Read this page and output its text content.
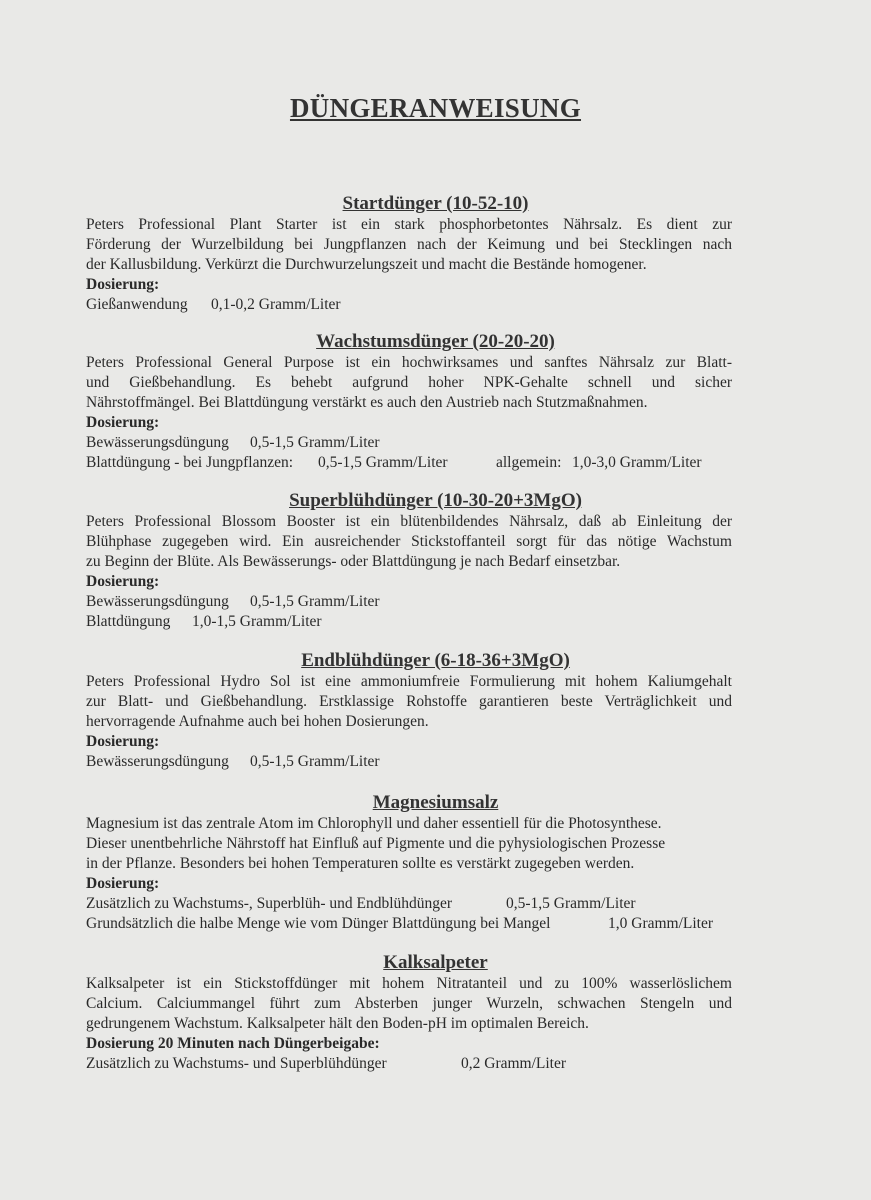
DÜNGERANWEISUNG
Startdünger (10-52-10)
Peters Professional Plant Starter ist ein stark phosphorbetontes Nährsalz. Es dient zur
Förderung der Wurzelbildung bei Jungpflanzen nach der Keimung und bei Stecklingen nach
der Kallusbildung. Verkürzt die Durchwurzelungszeit und macht die Bestände homogener.
Dosierung:
Gießanwendung 0,1-0,2 Gramm/Liter
Wachstumsdünger (20-20-20)
Peters Professional General Purpose ist ein hochwirksames und sanftes Nährsalz zur Blatt-
und Gießbehandlung. Es behebt aufgrund hoher NPK-Gehalte schnell und sicher
Nährstoffmängel. Bei Blattdüngung verstärkt es auch den Austrieb nach Stutzmaßnahmen.
Dosierung:
Bewässerungsdüngung 0,5-1,5 Gramm/Liter
Blattdüngung - bei Jungpflanzen: 0,5-1,5 Gramm/Liter	allgemein: 1,0-3,0 Gramm/Liter
Superblühdünger (10-30-20+3MgO)
Peters Professional Blossom Booster ist ein blütenbildendes Nährsalz, daß ab Einleitung der
Blühphase zugegeben wird. Ein ausreichender Stickstoffanteil sorgt für das nötige Wachstum
zu Beginn der Blüte. Als Bewässerungs- oder Blattdüngung je nach Bedarf einsetzbar.
Dosierung:
Bewässerungsdüngung 0,5-1,5 Gramm/Liter
Blattdüngung 1,0-1,5 Gramm/Liter
Endblühdünger (6-18-36+3MgO)
Peters Professional Hydro Sol ist eine ammoniumfreie Formulierung mit hohem Kaliumgehalt
zur Blatt- und Gießbehandlung. Erstklassige Rohstoffe garantieren beste Verträglichkeit und
hervorragende Aufnahme auch bei hohen Dosierungen.
Dosierung:
Bewässerungsdüngung 0,5-1,5 Gramm/Liter
Magnesiumsalz
Magnesium ist das zentrale Atom im Chlorophyll und daher essentiell für die Photosynthese.
Dieser unentbehrliche Nährstoff hat Einfluß auf Pigmente und die pyhysiologischen Prozesse
in der Pflanze. Besonders bei hohen Temperaturen sollte es verstärkt zugegeben werden.
Dosierung:
Zusätzlich zu Wachstums-, Superblüh- und Endblühdünger	0,5-1,5 Gramm/Liter
Grundsätzlich die halbe Menge wie vom Dünger Blattdüngung bei Mangel	1,0 Gramm/Liter
Kalksalpeter
Kalksalpeter ist ein Stickstoffdünger mit hohem Nitratanteil und zu 100% wasserlöslichem
Calcium. Calciummangel führt zum Absterben junger Wurzeln, schwachen Stengeln und
gedrungenem Wachstum. Kalksalpeter hält den Boden-pH im optimalen Bereich.
Dosierung 20 Minuten nach Düngerbeigabe:
Zusätzlich zu Wachstums- und Superblühdünger	0,2 Gramm/Liter
